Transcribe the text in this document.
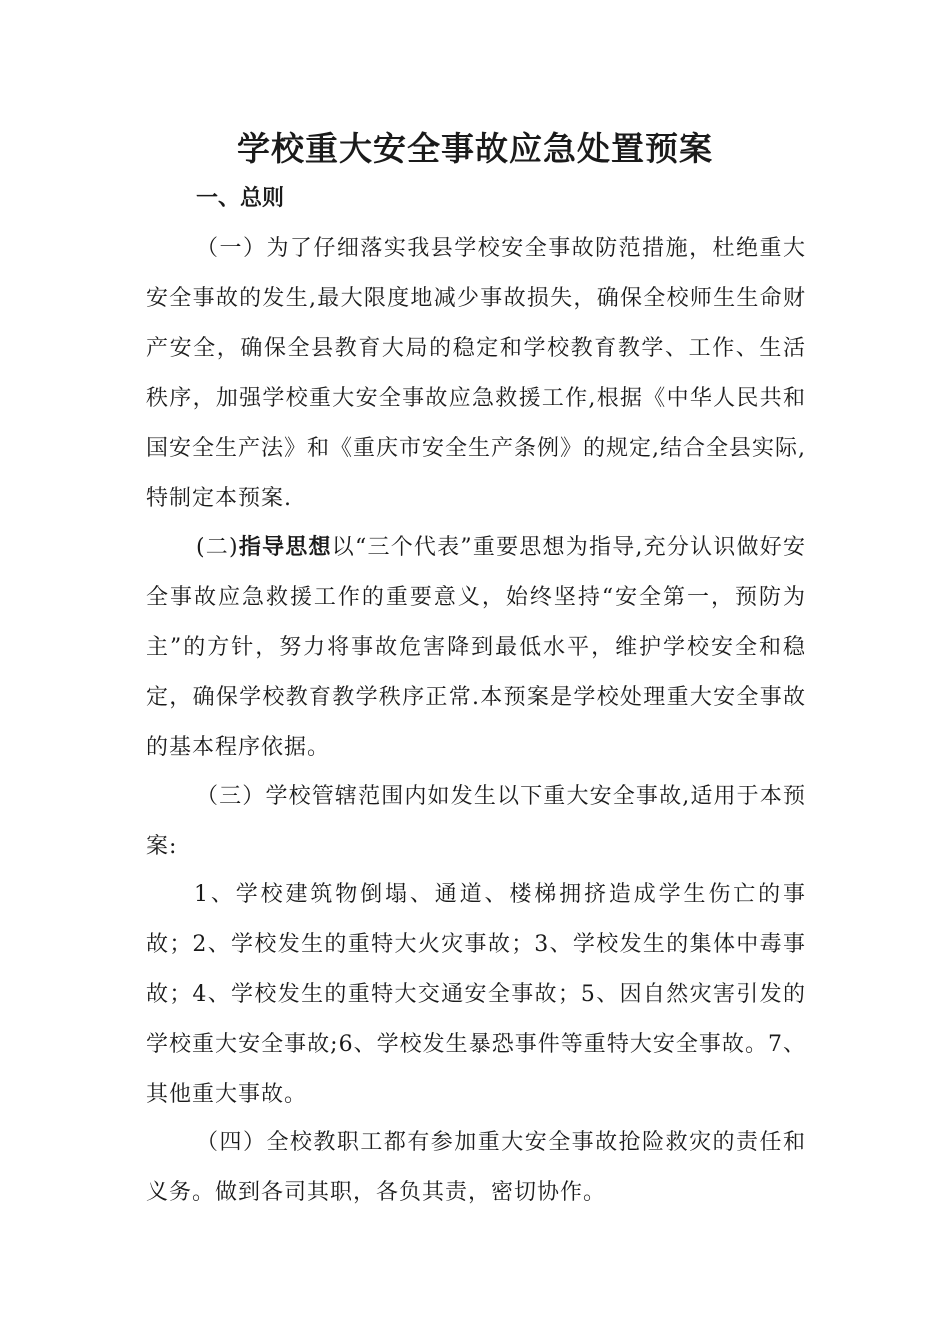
学校重大安全事故应急处置预案
一、总则

（一）为了仔细落实我县学校安全事故防范措施，杜绝重大安全事故的发生,最大限度地减少事故损失，确保全校师生生命财产安全，确保全县教育大局的稳定和学校教育教学、工作、生活秩序，加强学校重大安全事故应急救援工作,根据《中华人民共和国安全生产法》和《重庆市安全生产条例》的规定,结合全县实际,特制定本预案.

(二)指导思想以“三个代表”重要思想为指导,充分认识做好安全事故应急救援工作的重要意义，始终坚持“安全第一，预防为主”的方针，努力将事故危害降到最低水平，维护学校安全和稳定，确保学校教育教学秩序正常.本预案是学校处理重大安全事故的基本程序依据。

（三）学校管辖范围内如发生以下重大安全事故,适用于本预案:

1、学校建筑物倒塌、通道、楼梯拥挤造成学生伤亡的事故；2、学校发生的重特大火灾事故；3、学校发生的集体中毒事故；4、学校发生的重特大交通安全事故；5、因自然灾害引发的学校重大安全事故;6、学校发生暴恐事件等重特大安全事故。7、其他重大事故。

（四）全校教职工都有参加重大安全事故抢险救灾的责任和义务。做到各司其职，各负其责，密切协作。
